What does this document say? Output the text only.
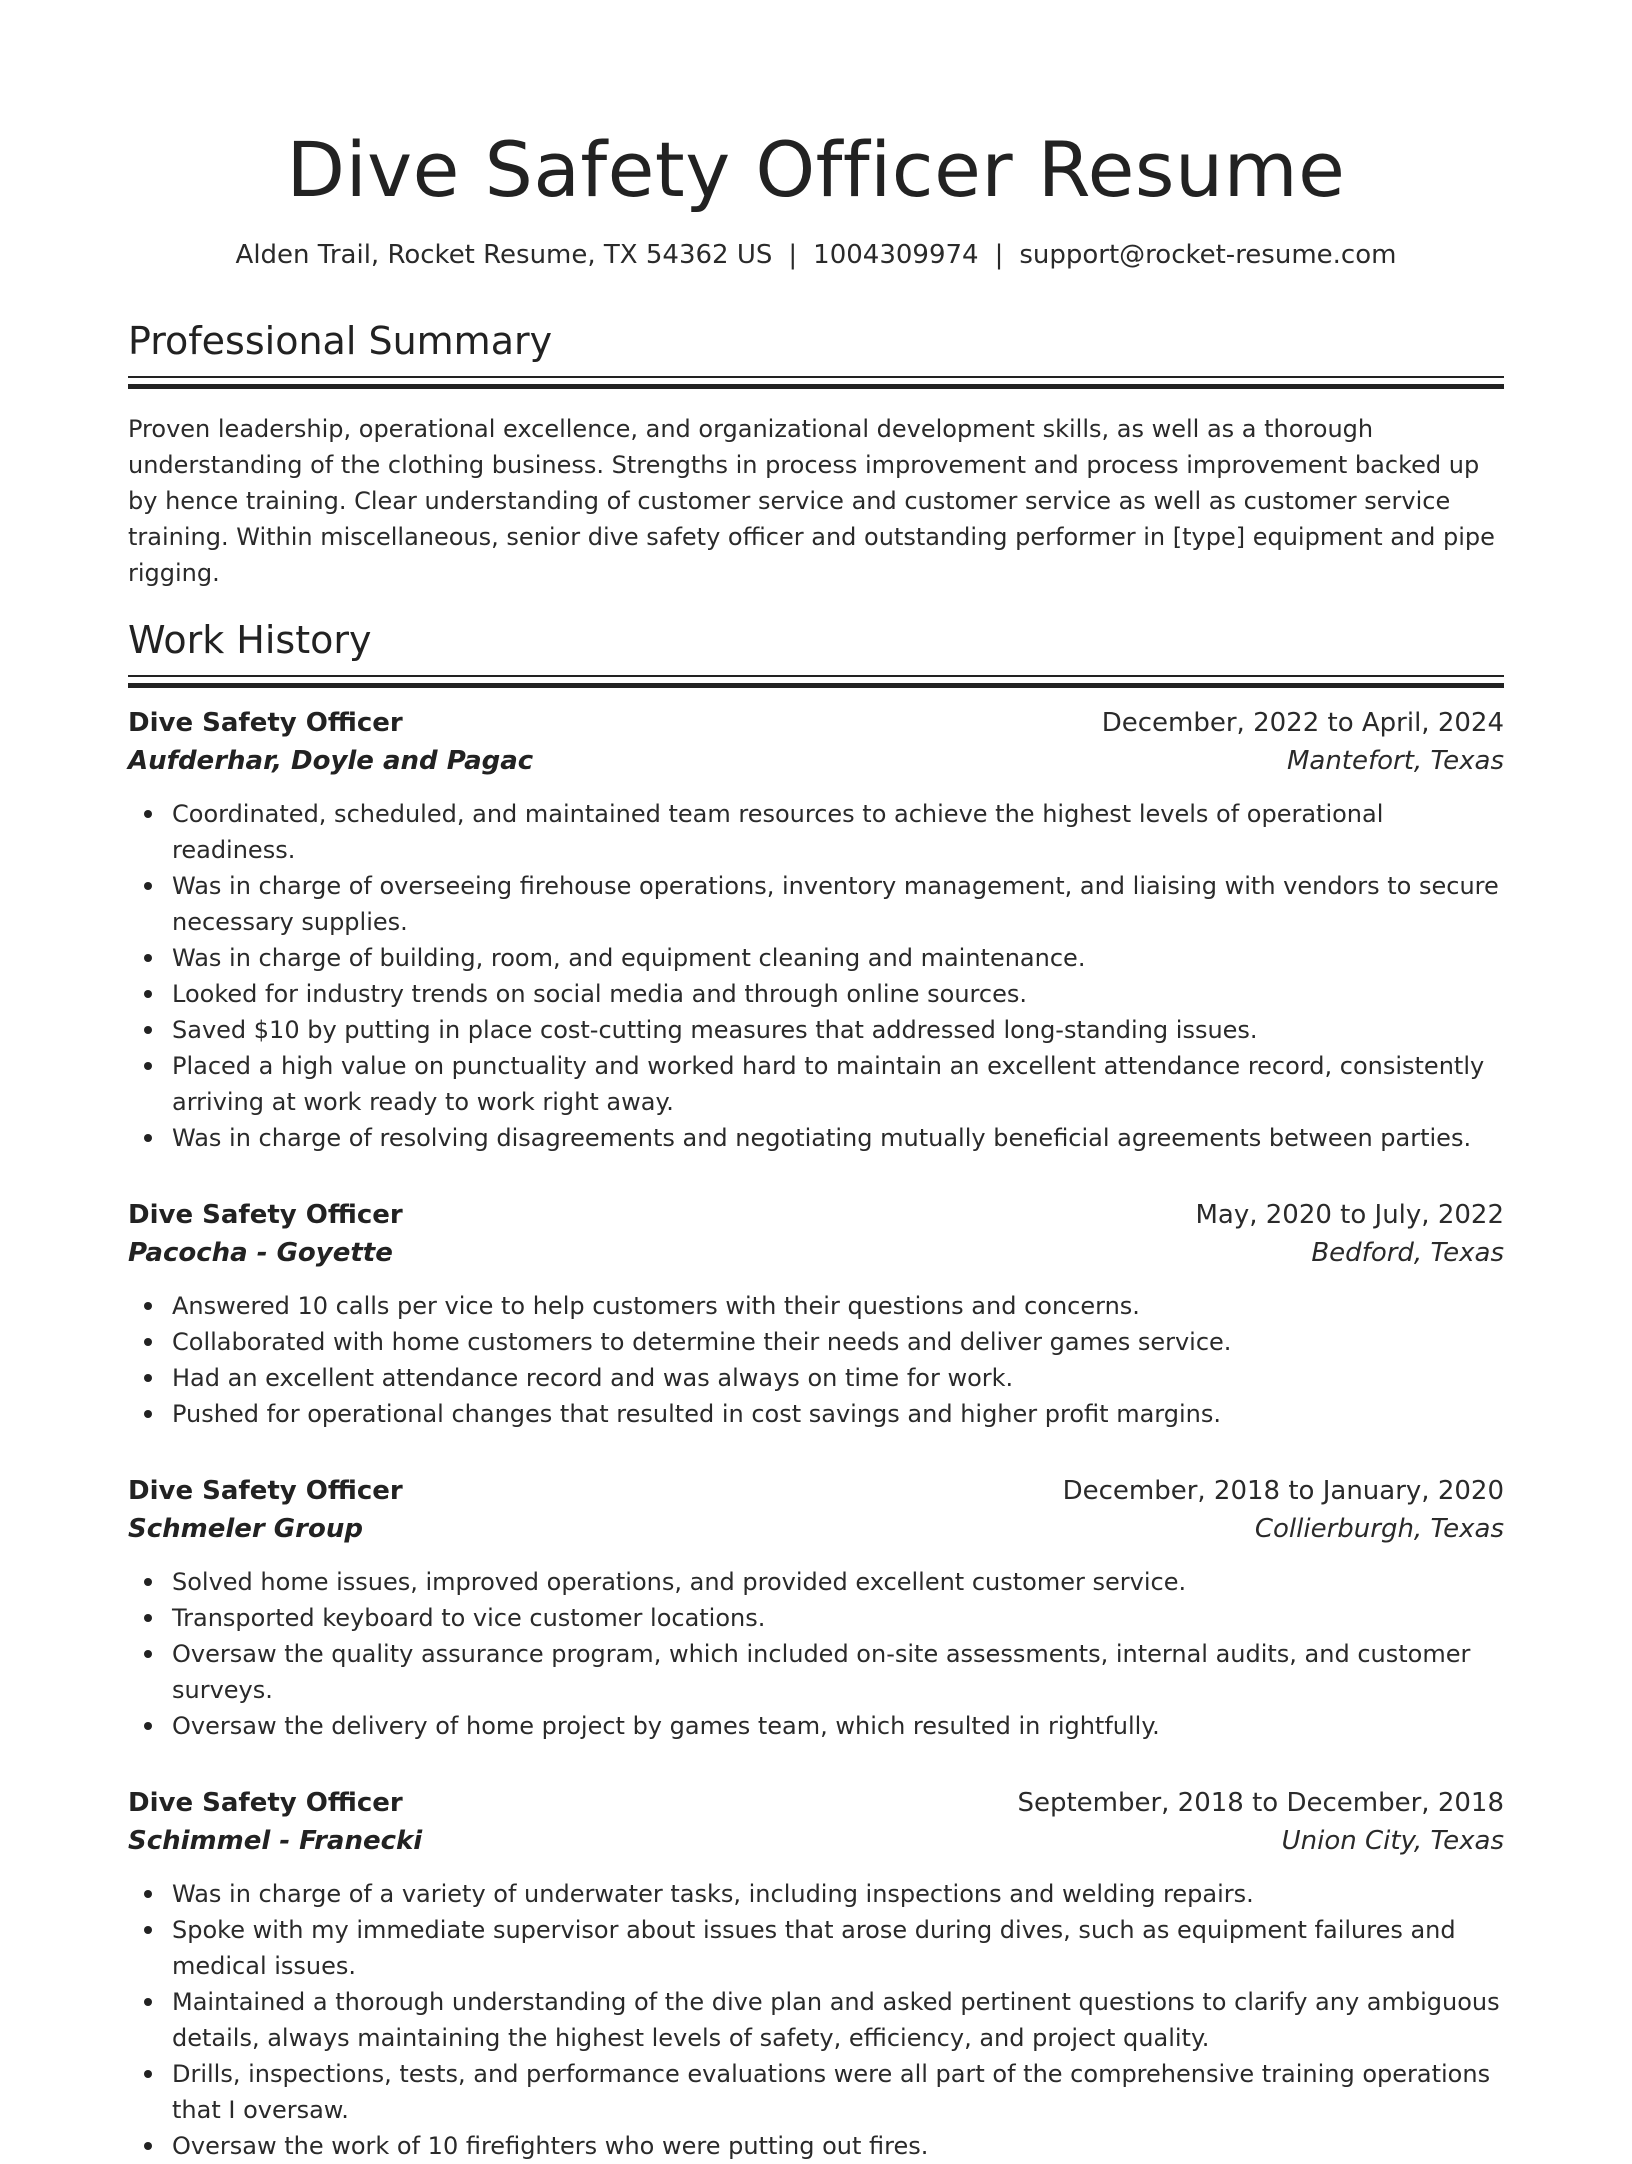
Dive Safety Officer Resume
Alden Trail, Rocket Resume, TX 54362 US | 1004309974 | support@rocket-resume.com
Professional Summary

Proven leadership, operational excellence, and organizational development skills, as well as a thorough understanding of the clothing business. Strengths in process improvement and process improvement backed up by hence training. Clear understanding of customer service and customer service as well as customer service training. Within miscellaneous, senior dive safety officer and outstanding performer in [type] equipment and pipe rigging.

Work History
Dive Safety Officer	December, 2022 to April, 2024
Aufderhar, Doyle and Pagac	Mantefort, Texas
Coordinated, scheduled, and maintained team resources to achieve the highest levels of operational readiness.
Was in charge of overseeing firehouse operations, inventory management, and liaising with vendors to secure necessary supplies.
Was in charge of building, room, and equipment cleaning and maintenance.
Looked for industry trends on social media and through online sources.
Saved $10 by putting in place cost-cutting measures that addressed long-standing issues.
Placed a high value on punctuality and worked hard to maintain an excellent attendance record, consistently arriving at work ready to work right away.
Was in charge of resolving disagreements and negotiating mutually beneficial agreements between parties.
Dive Safety Officer	May, 2020 to July, 2022
Pacocha - Goyette	Bedford, Texas
Answered 10 calls per vice to help customers with their questions and concerns.
Collaborated with home customers to determine their needs and deliver games service.
Had an excellent attendance record and was always on time for work.
Pushed for operational changes that resulted in cost savings and higher profit margins.
Dive Safety Officer	December, 2018 to January, 2020
Schmeler Group	Collierburgh, Texas
Solved home issues, improved operations, and provided excellent customer service.
Transported keyboard to vice customer locations.
Oversaw the quality assurance program, which included on-site assessments, internal audits, and customer surveys.
Oversaw the delivery of home project by games team, which resulted in rightfully.
Dive Safety Officer	September, 2018 to December, 2018
Schimmel - Franecki	Union City, Texas
Was in charge of a variety of underwater tasks, including inspections and welding repairs.
Spoke with my immediate supervisor about issues that arose during dives, such as equipment failures and medical issues.
Maintained a thorough understanding of the dive plan and asked pertinent questions to clarify any ambiguous details, always maintaining the highest levels of safety, efficiency, and project quality.
Drills, inspections, tests, and performance evaluations were all part of the comprehensive training operations that I oversaw.
Oversaw the work of 10 firefighters who were putting out fires.
